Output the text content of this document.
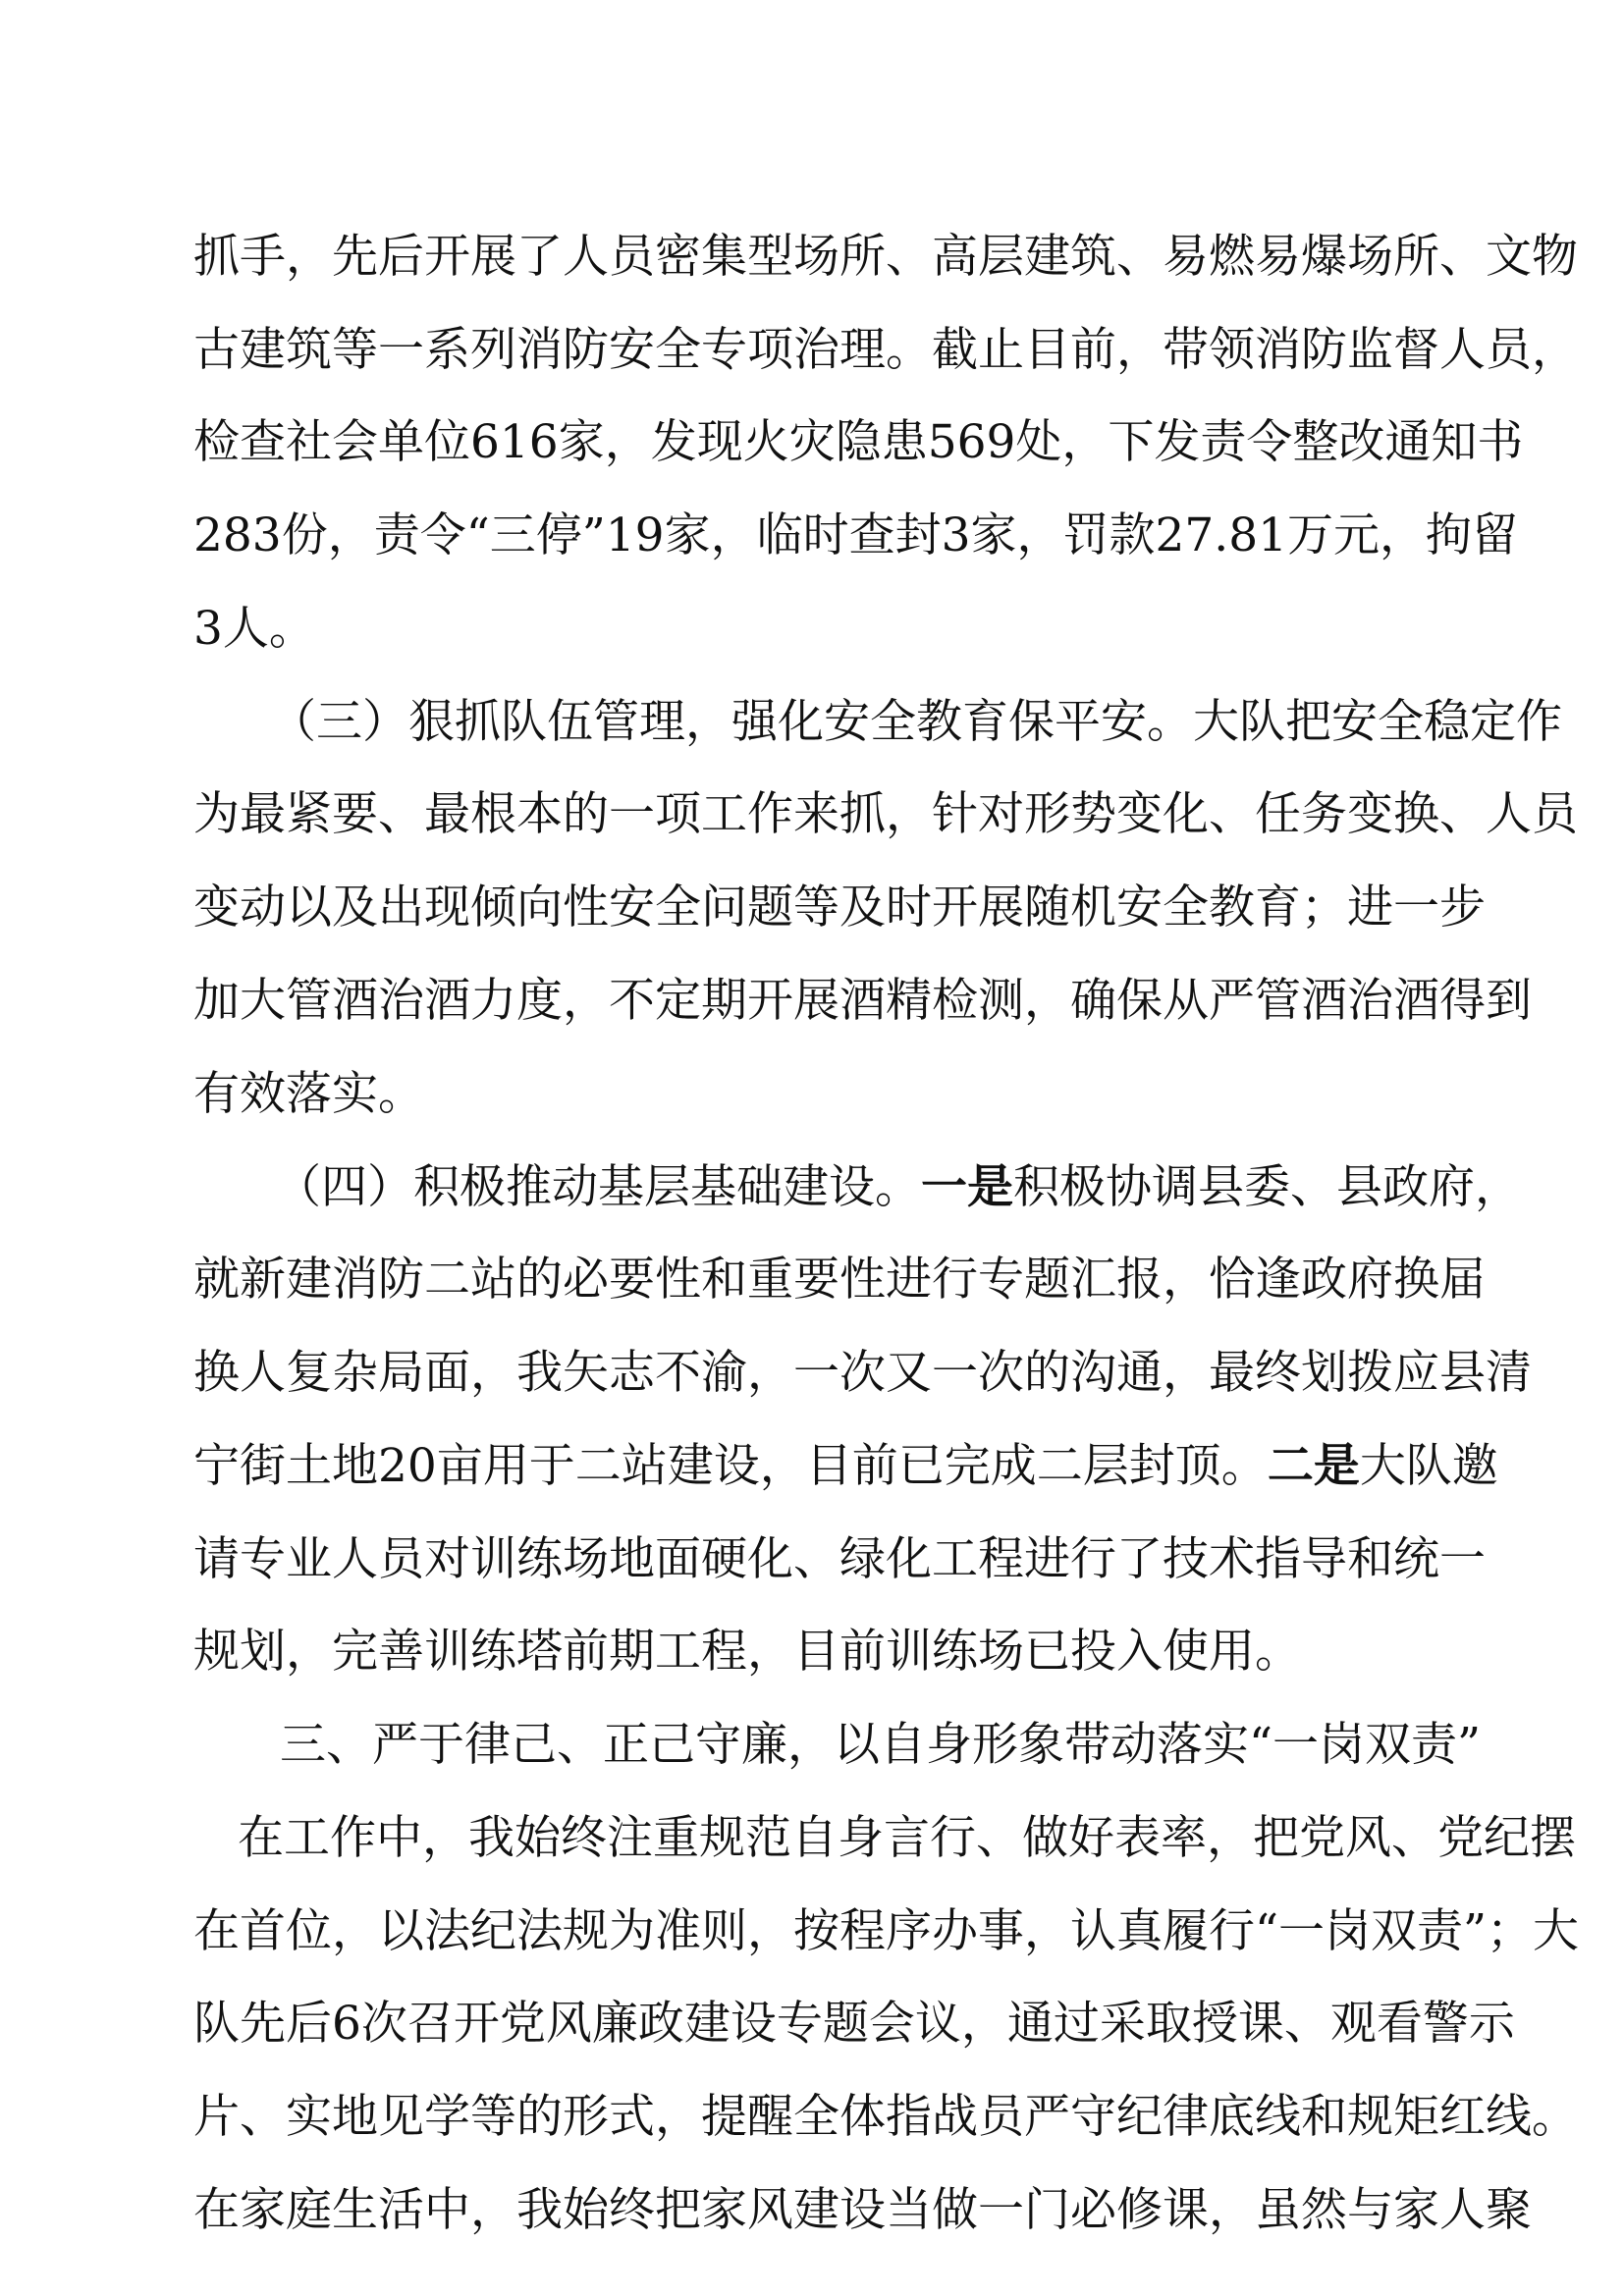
抓手，先后开展了人员密集型场所、高层建筑、易燃易爆场所、文物
古建筑等一系列消防安全专项治理。截止目前，带领消防监督人员，
检查社会单位616家，发现火灾隐患569处，下发责令整改通知书
283份，责令“三停”19家，临时查封3家，罚款27.81万元，拘留
3人。
（三）狠抓队伍管理，强化安全教育保平安。大队把安全稳定作
为最紧要、最根本的一项工作来抓，针对形势变化、任务变换、人员
变动以及出现倾向性安全问题等及时开展随机安全教育；进一步
加大管酒治酒力度，不定期开展酒精检测，确保从严管酒治酒得到
有效落实。
（四）积极推动基层基础建设。一是积极协调县委、县政府，
就新建消防二站的必要性和重要性进行专题汇报，恰逢政府换届
换人复杂局面，我矢志不渝，一次又一次的沟通，最终划拨应县清
宁街土地20亩用于二站建设，目前已完成二层封顶。二是大队邀
请专业人员对训练场地面硬化、绿化工程进行了技术指导和统一
规划，完善训练塔前期工程，目前训练场已投入使用。
三、严于律己、正己守廉，以自身形象带动落实“一岗双责”
在工作中，我始终注重规范自身言行、做好表率，把党风、党纪摆
在首位，以法纪法规为准则，按程序办事，认真履行“一岗双责”；大
队先后6次召开党风廉政建设专题会议，通过采取授课、观看警示
片、实地见学等的形式，提醒全体指战员严守纪律底线和规矩红线。
在家庭生活中，我始终把家风建设当做一门必修课，虽然与家人聚
